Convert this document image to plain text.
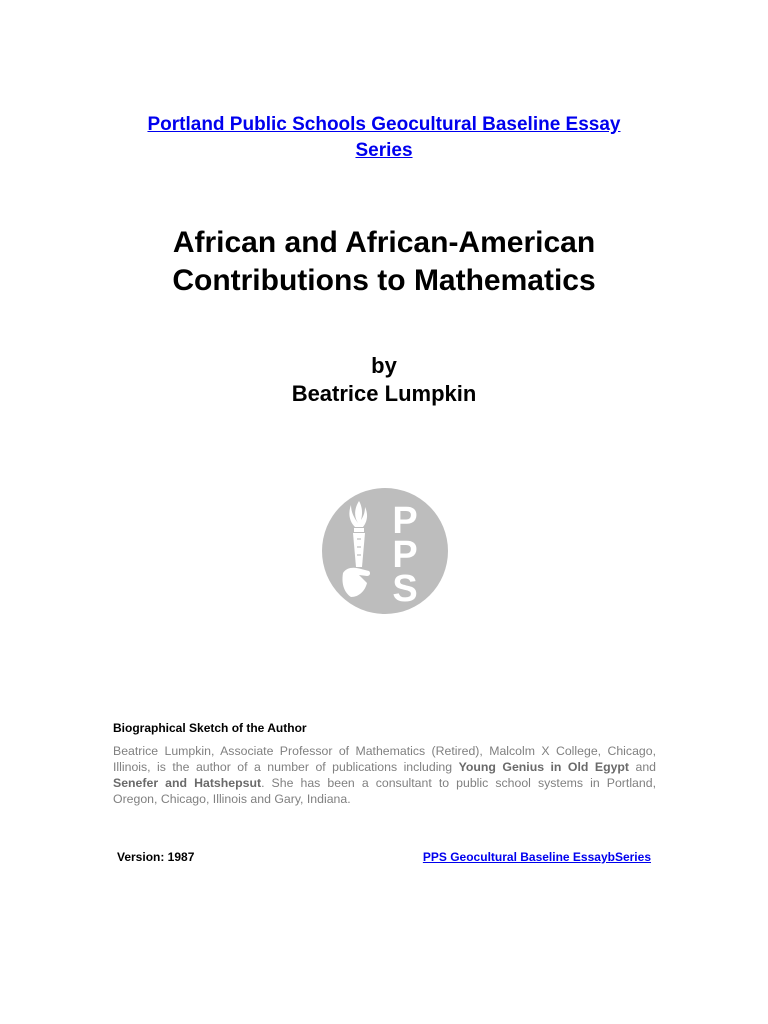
Portland Public Schools Geocultural Baseline Essay
Series
African and African-American
Contributions to Mathematics
by
Beatrice Lumpkin
P
P
S
Biographical Sketch of the Author

Beatrice Lumpkin, Associate Professor of Mathematics (Retired), Malcolm X College, Chicago, Illinois, is the author of a number of publications including Young Genius in Old Egypt and Senefer and Hatshepsut. She has been a consultant to public school systems in Portland, Oregon, Chicago, Illinois and Gary, Indiana.

Version: 1987	PPS Geocultural Baseline EssaybSeries
